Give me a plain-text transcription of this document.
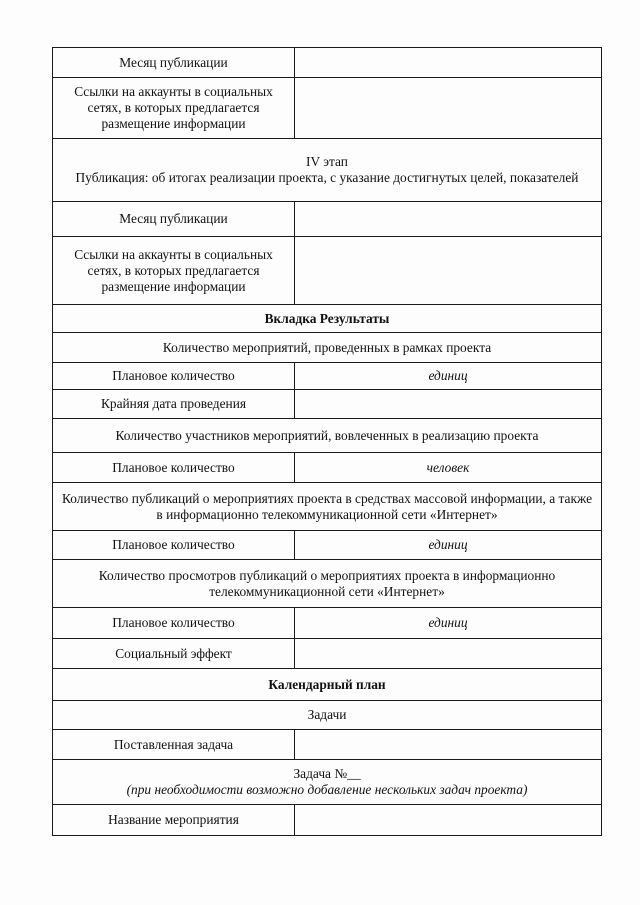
Месяц публикации	
Ссылки на аккаунты в социальных сетях, в которых предлагается размещение информации	

IV этап
Публикация: об итогах реализации проекта, с указание достигнутых целей, показателей	

Месяц публикации	
Ссылки на аккаунты в социальных сетях, в которых предлагается размещение информации	
Вкладка Результаты	
Количество мероприятий, проведенных в рамках проекта	
Плановое количество	единиц
Крайняя дата проведения	
Количество участников мероприятий, вовлеченных в реализацию проекта	
Плановое количество	человек
Количество публикаций о мероприятиях проекта в средствах массовой информации, а также в информационно телекоммуникационной сети «Интернет»	
Плановое количество	единиц
Количество просмотров публикаций о мероприятиях проекта в информационно телекоммуникационной сети «Интернет»	
Плановое количество	единиц
Социальный эффект	
Календарный план	
Задачи	
Поставленная задача	

Задача №__
(при необходимости возможно добавление нескольких задач проекта)	

Название мероприятия	
